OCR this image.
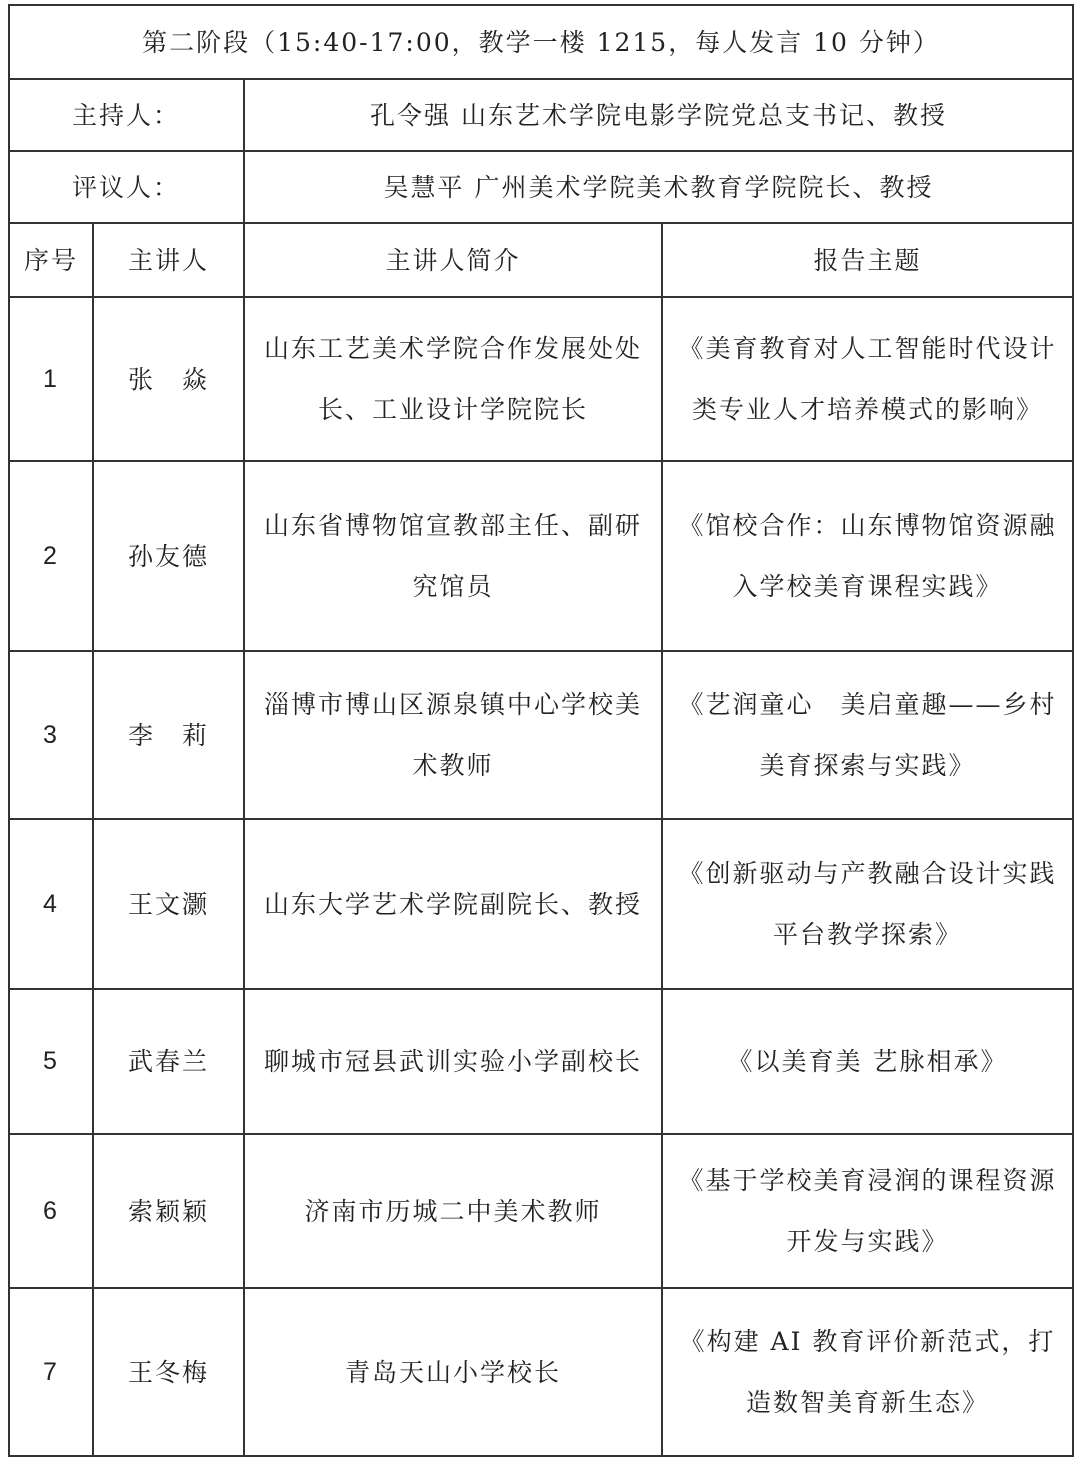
第二阶段（15:40-17:00，教学一楼 1215，每人发言 10 分钟）			
主持人：		孔令强 山东艺术学院电影学院党总支书记、教授	
评议人：		吴慧平 广州美术学院美术教育学院院长、教授	
序号	主讲人	主讲人简介	报告主题
1	张　焱	山东工艺美术学院合作发展处处长、工业设计学院院长	《美育教育对人工智能时代设计类专业人才培养模式的影响》
2	孙友德	山东省博物馆宣教部主任、副研究馆员	《馆校合作：山东博物馆资源融入学校美育课程实践》
3	李　莉	淄博市博山区源泉镇中心学校美术教师	《艺润童心　美启童趣——乡村美育探索与实践》
4	王文灏	山东大学艺术学院副院长、教授	《创新驱动与产教融合设计实践平台教学探索》
5	武春兰	聊城市冠县武训实验小学副校长	《以美育美 艺脉相承》
6	索颖颖	济南市历城二中美术教师	《基于学校美育浸润的课程资源开发与实践》
7	王冬梅	青岛天山小学校长	《构建 AI 教育评价新范式，打造数智美育新生态》
